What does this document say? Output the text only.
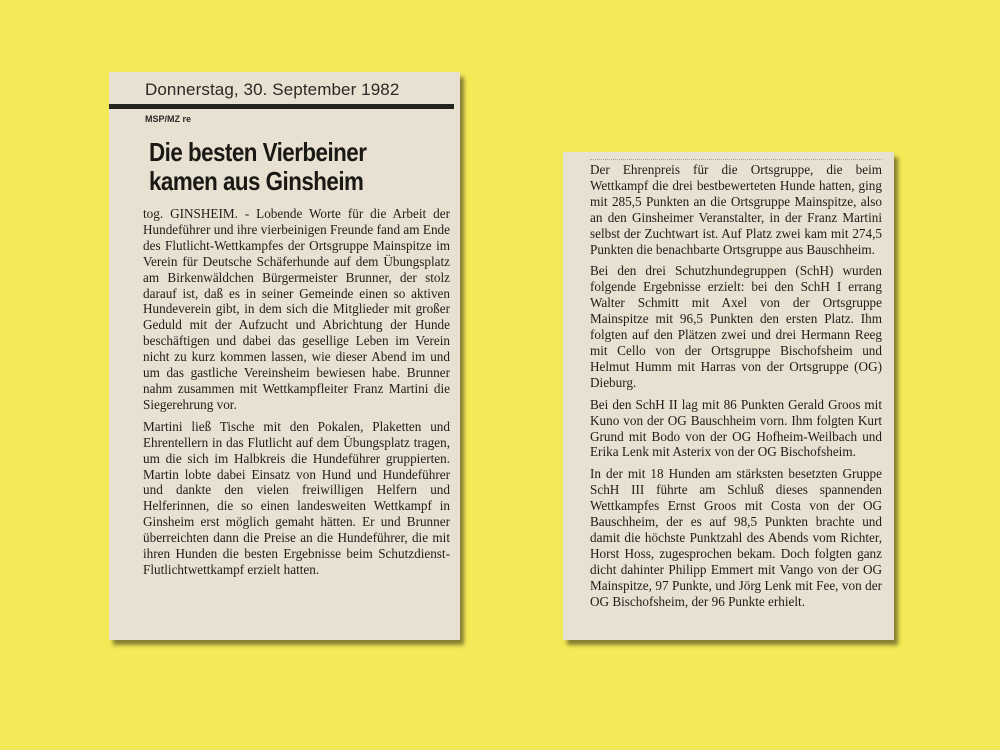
Donnerstag, 30. September 1982
MSP/MZ re
Die besten Vierbeiner
kamen aus Ginsheim

tog. GINSHEIM. - Lobende Worte für die Arbeit der Hundeführer und ihre vierbeinigen Freunde fand am Ende des Flutlicht-Wettkampfes der Ortsgruppe Mainspitze im Verein für Deutsche Schäferhunde auf dem Übungsplatz am Birkenwäldchen Bürgermeister Brunner, der stolz darauf ist, daß es in seiner Gemeinde einen so aktiven Hundeverein gibt, in dem sich die Mitglieder mit großer Geduld mit der Aufzucht und Abrichtung der Hunde beschäftigen und dabei das gesellige Leben im Verein nicht zu kurz kommen lassen, wie dieser Abend im und um das gastliche Vereinsheim bewiesen habe. Brunner nahm zusammen mit Wettkampfleiter Franz Martini die Siegerehrung vor.

Martini ließ Tische mit den Pokalen, Plaketten und Ehrentellern in das Flutlicht auf dem Übungsplatz tragen, um die sich im Halbkreis die Hundeführer gruppierten. Martin lobte dabei Einsatz von Hund und Hundeführer und dankte den vielen freiwilligen Helfern und Helferinnen, die so einen landesweiten Wettkampf in Ginsheim erst möglich gemaht hätten. Er und Brunner überreichten dann die Preise an die Hundeführer, die mit ihren Hunden die besten Ergebnisse beim Schutzdienst-Flutlichtwettkampf erzielt hatten.

Der Ehrenpreis für die Ortsgruppe, die beim Wettkampf die drei bestbewerteten Hunde hatten, ging mit 285,5 Punkten an die Ortsgruppe Mainspitze, also an den Ginsheimer Veranstalter, in der Franz Martini selbst der Zuchtwart ist. Auf Platz zwei kam mit 274,5 Punkten die benachbarte Ortsgruppe aus Bauschheim.

Bei den drei Schutzhundegruppen (SchH) wurden folgende Ergebnisse erzielt: bei den SchH I errang Walter Schmitt mit Axel von der Ortsgruppe Mainspitze mit 96,5 Punkten den ersten Platz. Ihm folgten auf den Plätzen zwei und drei Hermann Reeg mit Cello von der Ortsgruppe Bischofsheim und Helmut Humm mit Harras von der Ortsgruppe (OG) Dieburg.

Bei den SchH II lag mit 86 Punkten Gerald Groos mit Kuno von der OG Bauschheim vorn. Ihm folgten Kurt Grund mit Bodo von der OG Hofheim-Weilbach und Erika Lenk mit Asterix von der OG Bischofsheim.

In der mit 18 Hunden am stärksten besetzten Gruppe SchH III führte am Schluß dieses spannenden Wettkampfes Ernst Groos mit Costa von der OG Bauschheim, der es auf 98,5 Punkten brachte und damit die höchste Punktzahl des Abends vom Richter, Horst Hoss, zugesprochen bekam. Doch folgten ganz dicht dahinter Philipp Emmert mit Vango von der OG Mainspitze, 97 Punkte, und Jörg Lenk mit Fee, von der OG Bischofsheim, der 96 Punkte erhielt.
